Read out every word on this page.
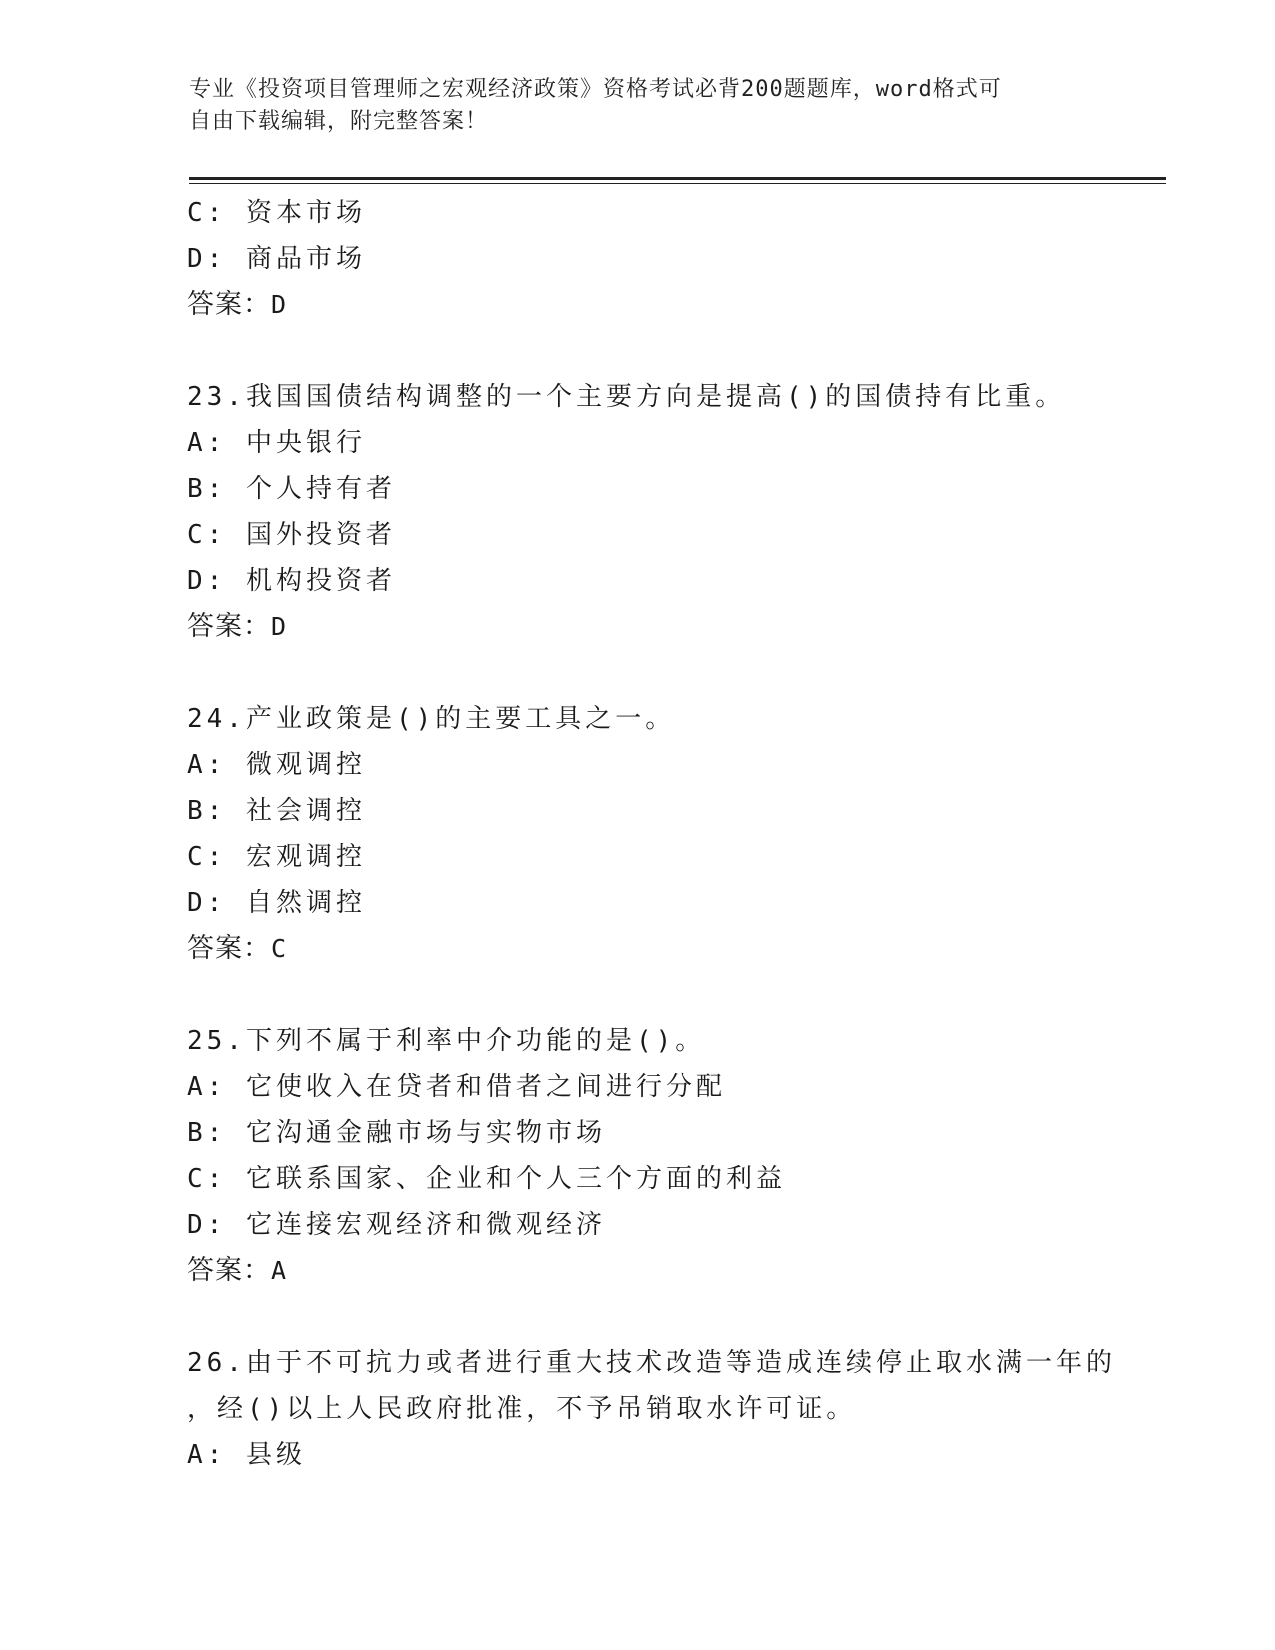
专业《投资项目管理师之宏观经济政策》资格考试必背200题题库，word格式可
自由下载编辑，附完整答案！
C: 资本市场
D: 商品市场
答案：D
23.我国国债结构调整的一个主要方向是提高()的国债持有比重。
A: 中央银行
B: 个人持有者
C: 国外投资者
D: 机构投资者
答案：D
24.产业政策是()的主要工具之一。
A: 微观调控
B: 社会调控
C: 宏观调控
D: 自然调控
答案：C
25.下列不属于利率中介功能的是()。
A: 它使收入在贷者和借者之间进行分配
B: 它沟通金融市场与实物市场
C: 它联系国家、企业和个人三个方面的利益
D: 它连接宏观经济和微观经济
答案：A
26.由于不可抗力或者进行重大技术改造等造成连续停止取水满一年的
，经()以上人民政府批准，不予吊销取水许可证。
A: 县级
